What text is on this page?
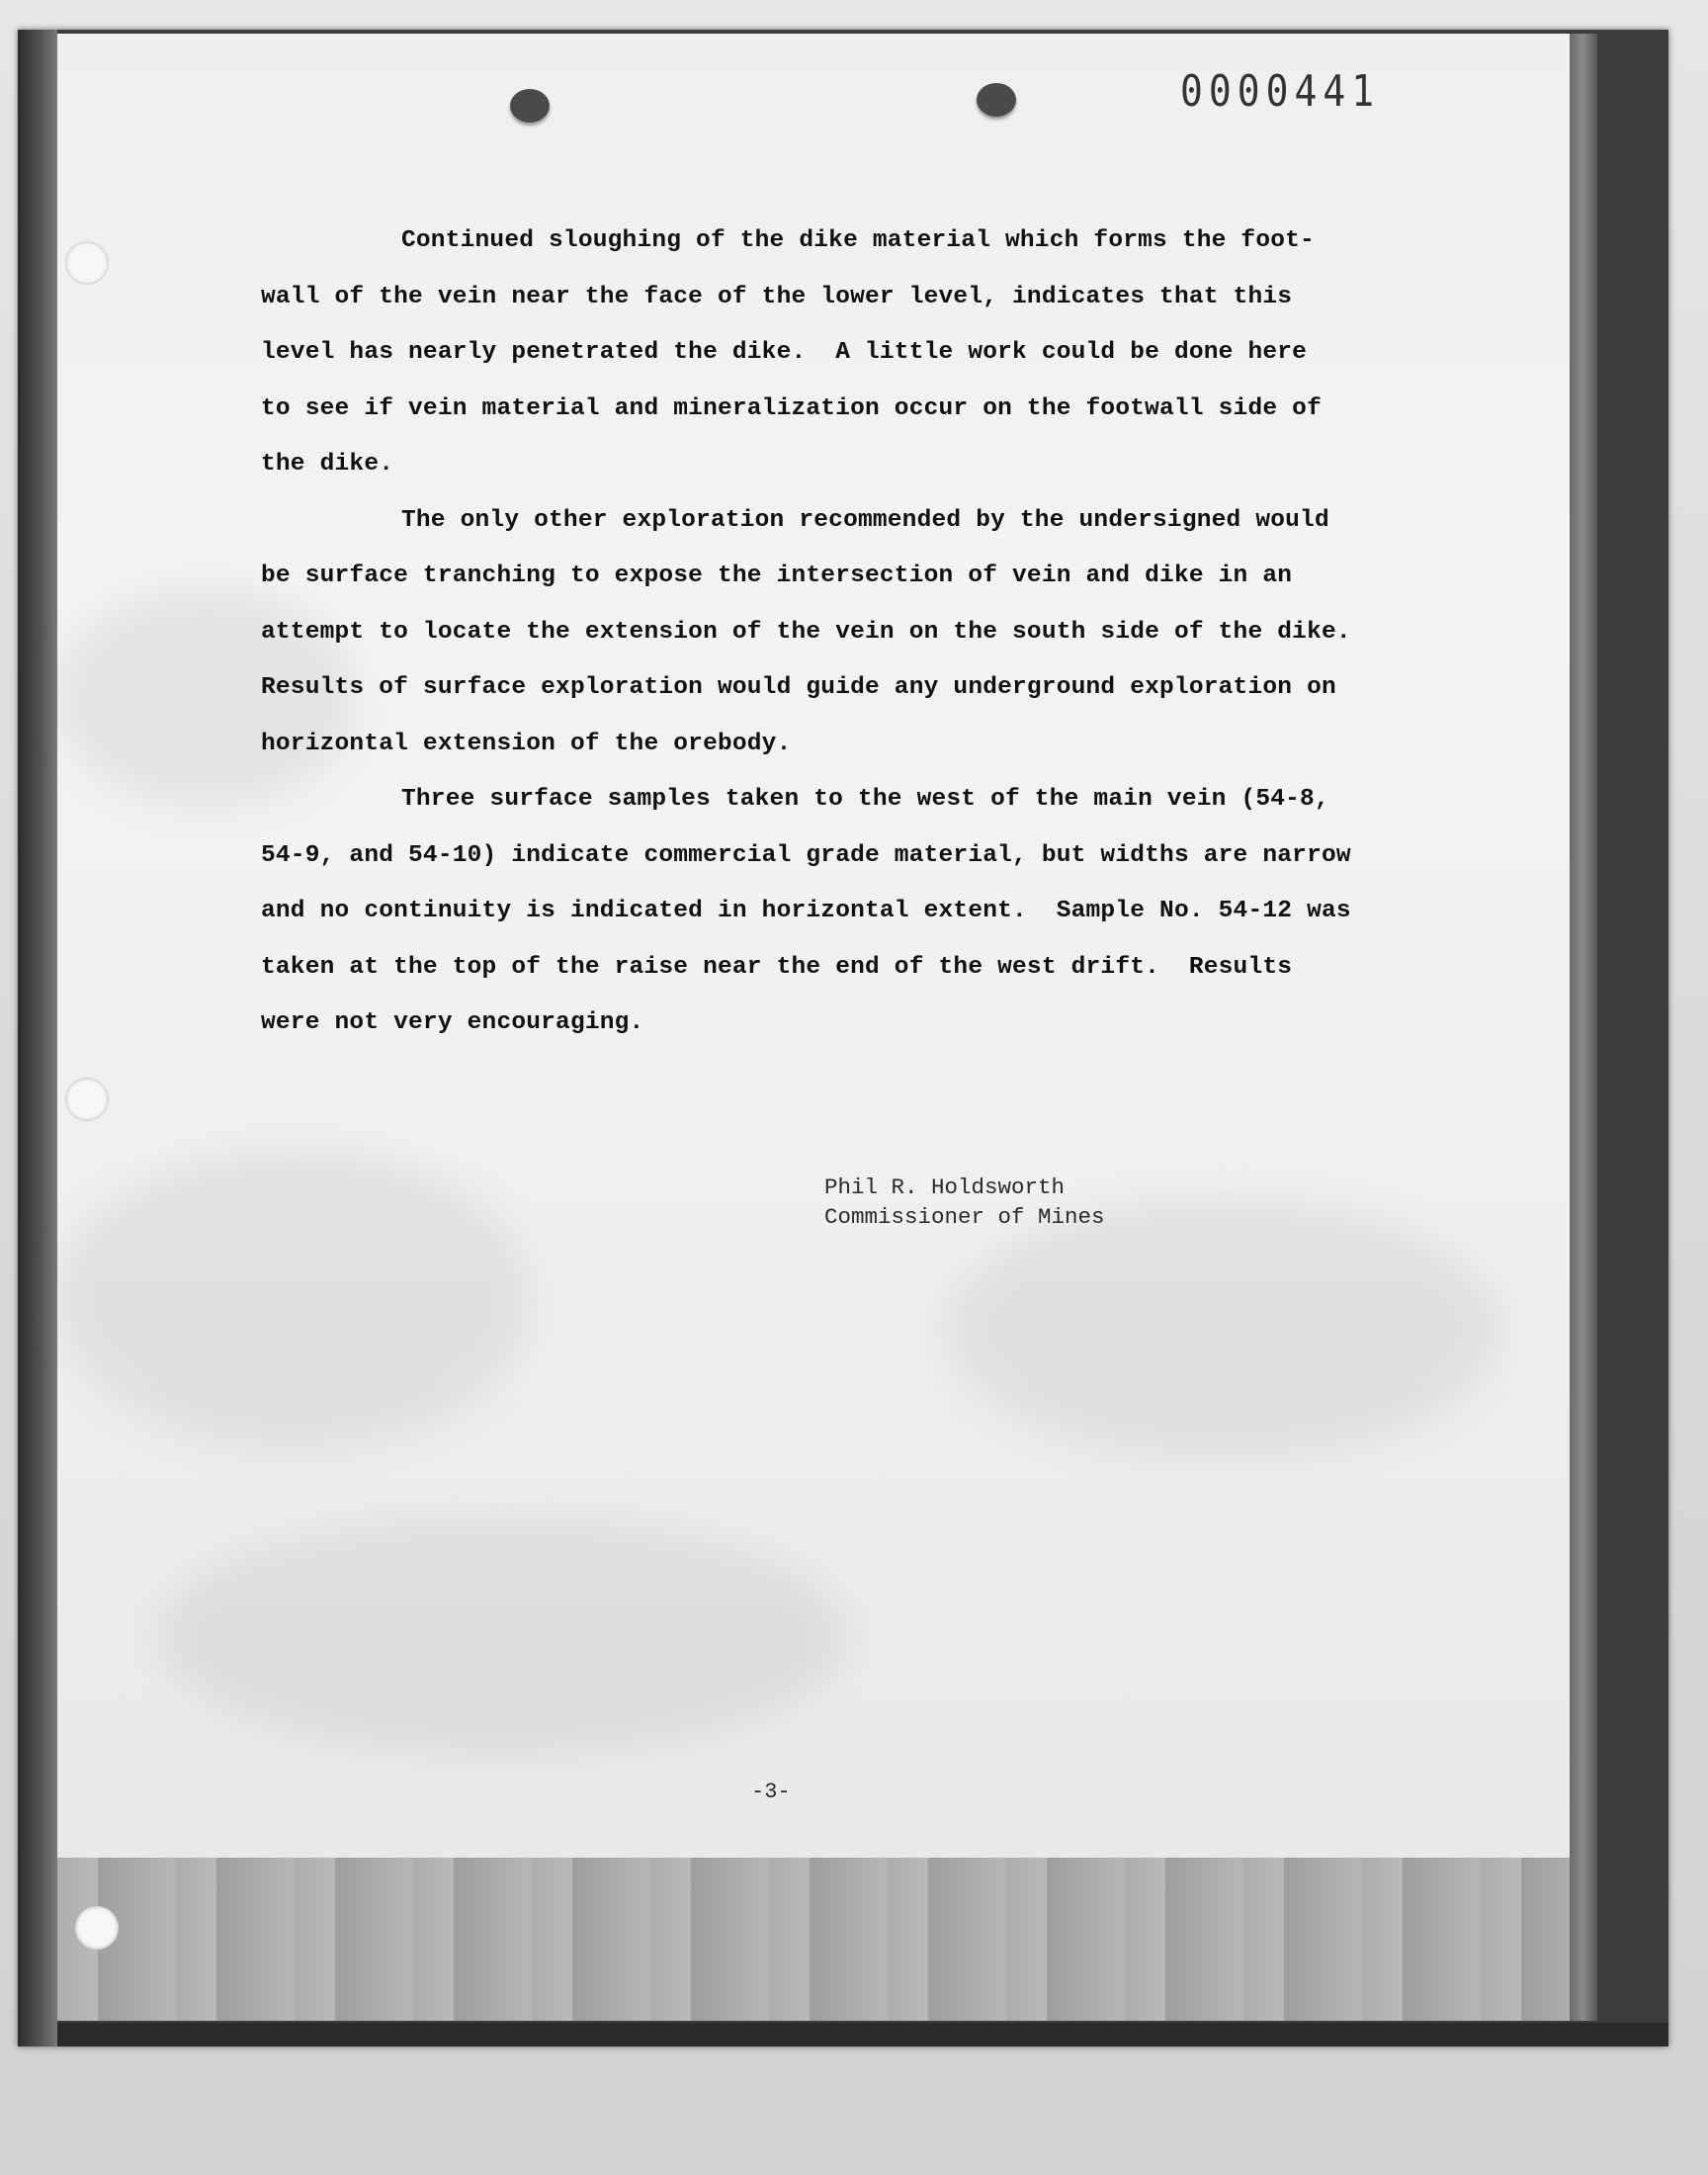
0000441
Continued sloughing of the dike material which forms the foot-
wall of the vein near the face of the lower level, indicates that this
level has nearly penetrated the dike.  A little work could be done here
to see if vein material and mineralization occur on the footwall side of
the dike.
The only other exploration recommended by the undersigned would
be surface tranching to expose the intersection of vein and dike in an
attempt to locate the extension of the vein on the south side of the dike.
Results of surface exploration would guide any underground exploration on
horizontal extension of the orebody.
Three surface samples taken to the west of the main vein (54-8,
54-9, and 54-10) indicate commercial grade material, but widths are narrow
and no continuity is indicated in horizontal extent.  Sample No. 54-12 was
taken at the top of the raise near the end of the west drift.  Results
were not very encouraging.
Phil R. Holdsworth
Commissioner of Mines
-3-
